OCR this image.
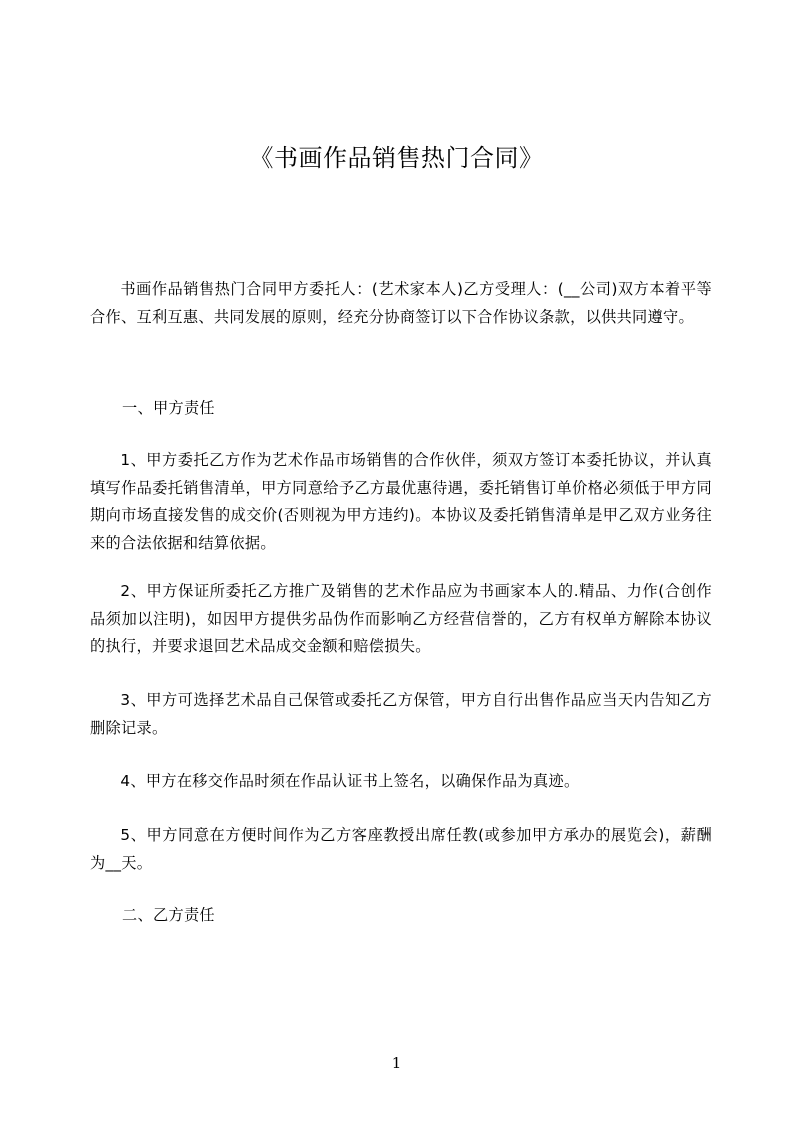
《书画作品销售热门合同》

书画作品销售热门合同甲方委托人：(艺术家本人)乙方受理人：(__公司)双方本着平等合作、互利互惠、共同发展的原则，经充分协商签订以下合作协议条款，以供共同遵守。

一、甲方责任

1、甲方委托乙方作为艺术作品市场销售的合作伙伴，须双方签订本委托协议，并认真填写作品委托销售清单，甲方同意给予乙方最优惠待遇，委托销售订单价格必须低于甲方同期向市场直接发售的成交价(否则视为甲方违约)。本协议及委托销售清单是甲乙双方业务往来的合法依据和结算依据。

2、甲方保证所委托乙方推广及销售的艺术作品应为书画家本人的.精品、力作(合创作品须加以注明)，如因甲方提供劣品伪作而影响乙方经营信誉的，乙方有权单方解除本协议的执行，并要求退回艺术品成交金额和赔偿损失。

3、甲方可选择艺术品自己保管或委托乙方保管，甲方自行出售作品应当天内告知乙方删除记录。

4、甲方在移交作品时须在作品认证书上签名，以确保作品为真迹。

5、甲方同意在方便时间作为乙方客座教授出席任教(或参加甲方承办的展览会)，薪酬为__天。

二、乙方责任
1
